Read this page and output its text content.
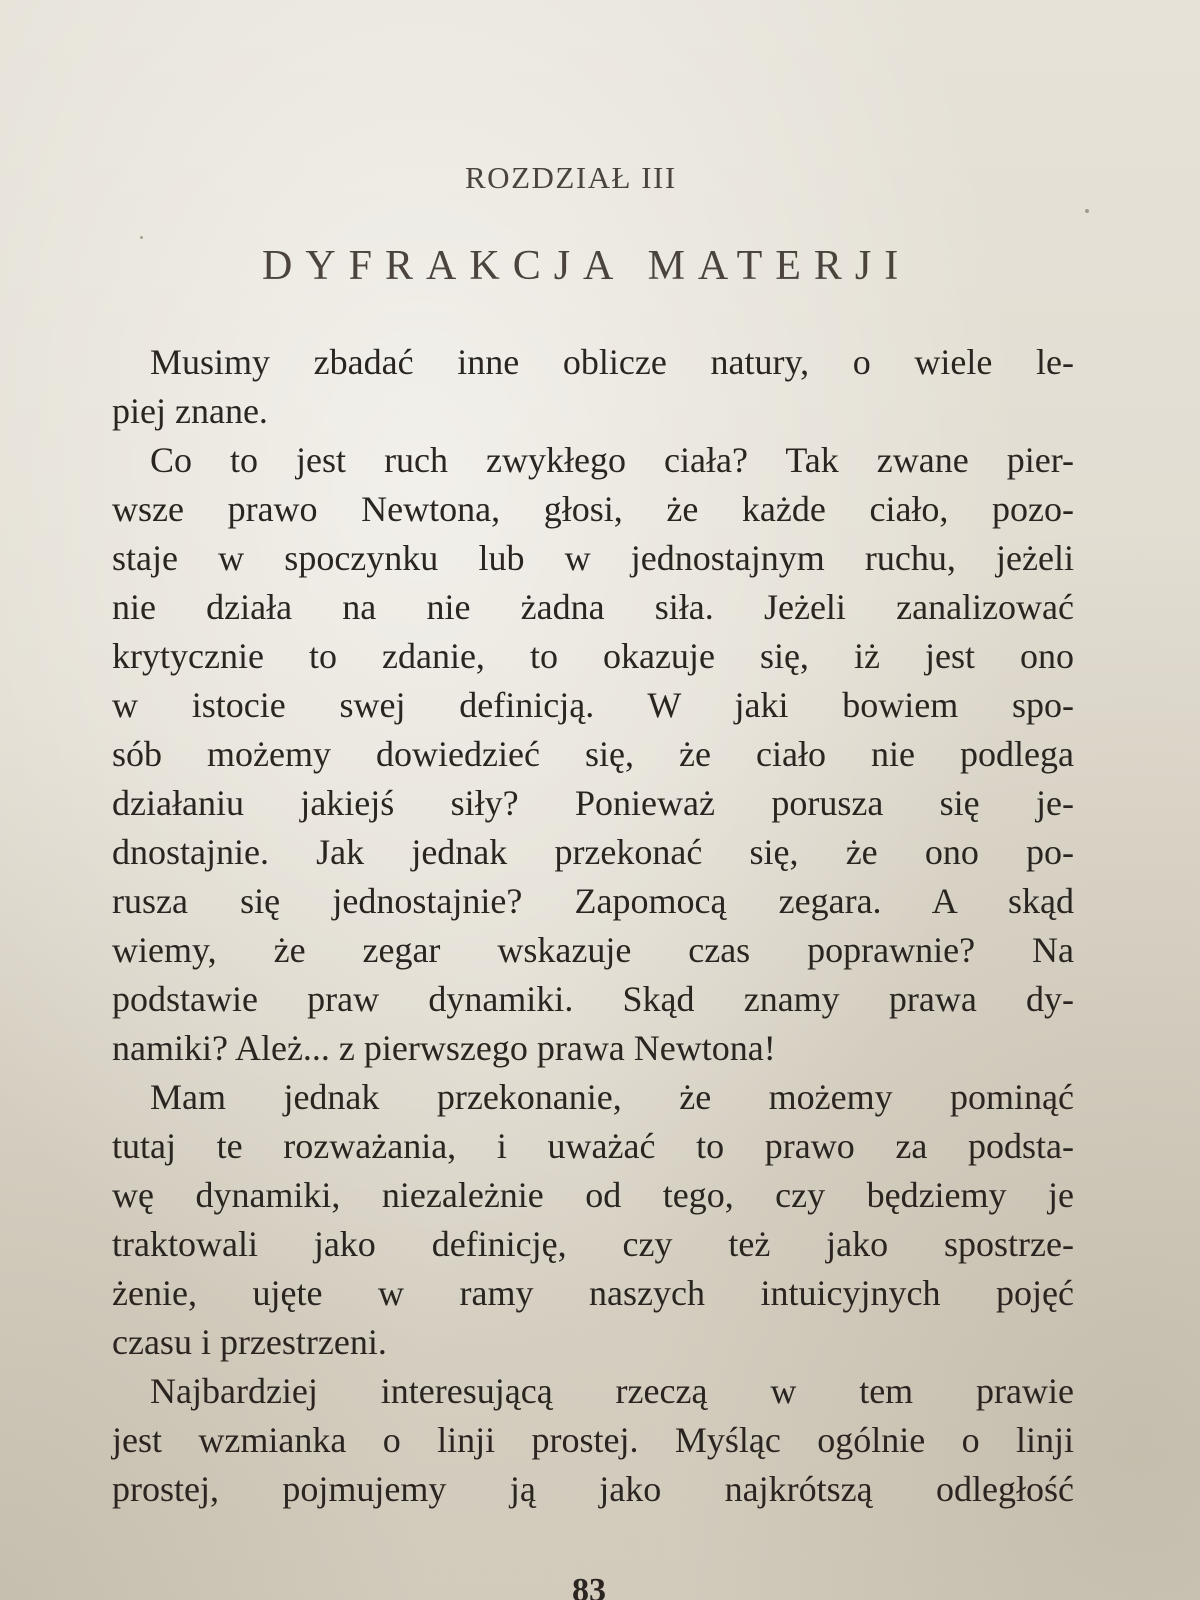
ROZDZIAŁ III
DYFRAKCJA MATERJI
Musimy zbadać inne oblicze natury, o wiele le-
piej znane.
Co to jest ruch zwykłego ciała? Tak zwane pier-
wsze prawo Newtona, głosi, że każde ciało, pozo-
staje w spoczynku lub w jednostajnym ruchu, jeżeli
nie działa na nie żadna siła. Jeżeli zanalizować
krytycznie to zdanie, to okazuje się, iż jest ono
w istocie swej definicją. W jaki bowiem spo-
sób możemy dowiedzieć się, że ciało nie podlega
działaniu jakiejś siły? Ponieważ porusza się je-
dnostajnie. Jak jednak przekonać się, że ono po-
rusza się jednostajnie? Zapomocą zegara. A skąd
wiemy, że zegar wskazuje czas poprawnie? Na
podstawie praw dynamiki. Skąd znamy prawa dy-
namiki? Ależ... z pierwszego prawa Newtona!
Mam jednak przekonanie, że możemy pominąć
tutaj te rozważania, i uważać to prawo za podsta-
wę dynamiki, niezależnie od tego, czy będziemy je
traktowali jako definicję, czy też jako spostrze-
żenie, ujęte w ramy naszych intuicyjnych pojęć
czasu i przestrzeni.
Najbardziej interesującą rzeczą w tem prawie
jest wzmianka o linji prostej. Myśląc ogólnie o linji
prostej, pojmujemy ją jako najkrótszą odległość
83
